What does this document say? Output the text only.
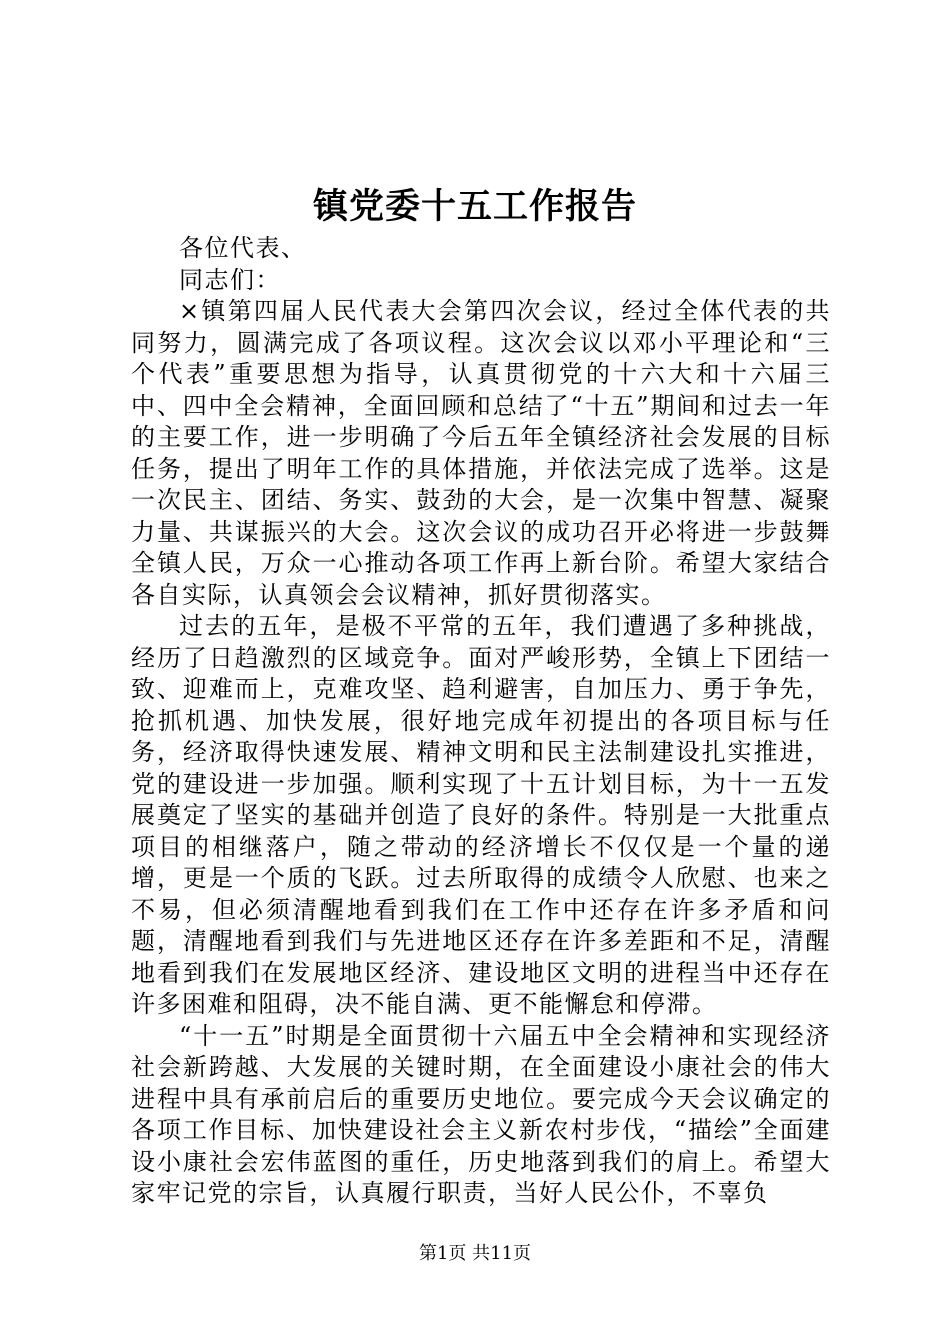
镇党委十五工作报告

各位代表、

同志们：

×镇第四届人民代表大会第四次会议，经过全体代表的共同努力，圆满完成了各项议程。这次会议以邓小平理论和“三个代表”重要思想为指导，认真贯彻党的十六大和十六届三中、四中全会精神，全面回顾和总结了“十五”期间和过去一年的主要工作，进一步明确了今后五年全镇经济社会发展的目标任务，提出了明年工作的具体措施，并依法完成了选举。这是一次民主、团结、务实、鼓劲的大会，是一次集中智慧、凝聚力量、共谋振兴的大会。这次会议的成功召开必将进一步鼓舞全镇人民，万众一心推动各项工作再上新台阶。希望大家结合各自实际，认真领会会议精神，抓好贯彻落实。

过去的五年，是极不平常的五年，我们遭遇了多种挑战，经历了日趋激烈的区域竞争。面对严峻形势，全镇上下团结一致、迎难而上，克难攻坚、趋利避害，自加压力、勇于争先，抢抓机遇、加快发展，很好地完成年初提出的各项目标与任务，经济取得快速发展、精神文明和民主法制建设扎实推进，党的建设进一步加强。顺利实现了十五计划目标，为十一五发展奠定了坚实的基础并创造了良好的条件。特别是一大批重点项目的相继落户，随之带动的经济增长不仅仅是一个量的递增，更是一个质的飞跃。过去所取得的成绩令人欣慰、也来之不易，但必须清醒地看到我们在工作中还存在许多矛盾和问题，清醒地看到我们与先进地区还存在许多差距和不足，清醒地看到我们在发展地区经济、建设地区文明的进程当中还存在许多困难和阻碍，决不能自满、更不能懈怠和停滞。

“十一五”时期是全面贯彻十六届五中全会精神和实现经济社会新跨越、大发展的关键时期，在全面建设小康社会的伟大进程中具有承前启后的重要历史地位。要完成今天会议确定的各项工作目标、加快建设社会主义新农村步伐，“描绘”全面建设小康社会宏伟蓝图的重任，历史地落到我们的肩上。希望大家牢记党的宗旨，认真履行职责，当好人民公仆，不辜负

第1页 共11页
